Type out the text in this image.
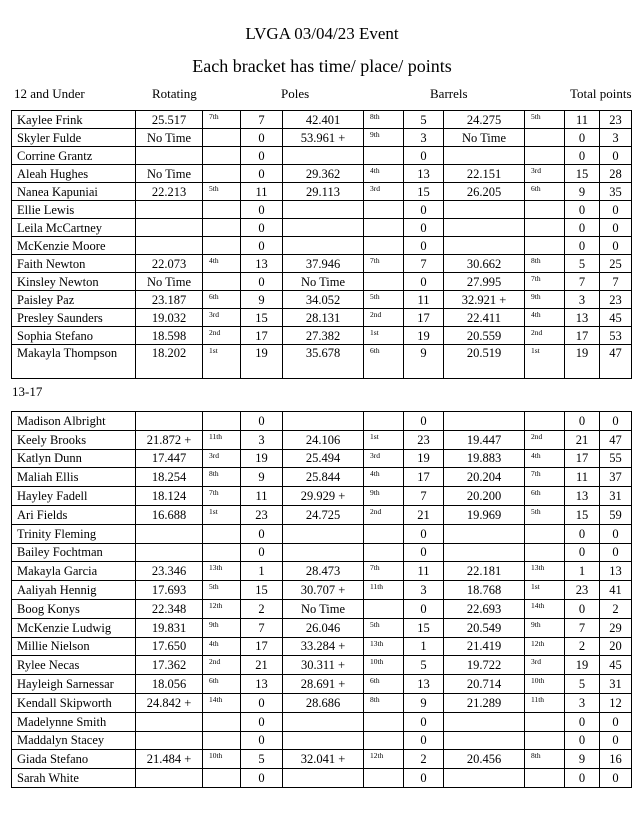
LVGA 03/04/23 Event
Each bracket has time/ place/ points
12 and Under	Rotating	Poles	Barrels	Total points
Kaylee Frink	25.517	7th	7	42.401	8th	5	24.275	5th	11	23
Skyler Fulde	No Time		0	53.961 +	9th	3	No Time		0	3
Corrine Grantz			0			0			0	0
Aleah Hughes	No Time		0	29.362	4th	13	22.151	3rd	15	28
Nanea Kapuniai	22.213	5th	11	29.113	3rd	15	26.205	6th	9	35
Ellie Lewis			0			0			0	0
Leila McCartney			0			0			0	0
McKenzie Moore			0			0			0	0
Faith Newton	22.073	4th	13	37.946	7th	7	30.662	8th	5	25
Kinsley Newton	No Time		0	No Time		0	27.995	7th	7	7
Paisley Paz	23.187	6th	9	34.052	5th	11	32.921 +	9th	3	23
Presley Saunders	19.032	3rd	15	28.131	2nd	17	22.411	4th	13	45
Sophia Stefano	18.598	2nd	17	27.382	1st	19	20.559	2nd	17	53
Makayla Thompson	18.202	1st	19	35.678	6th	9	20.519	1st	19	47
13-17
Madison Albright			0			0			0	0
Keely Brooks	21.872 +	11th	3	24.106	1st	23	19.447	2nd	21	47
Katlyn Dunn	17.447	3rd	19	25.494	3rd	19	19.883	4th	17	55
Maliah Ellis	18.254	8th	9	25.844	4th	17	20.204	7th	11	37
Hayley Fadell	18.124	7th	11	29.929 +	9th	7	20.200	6th	13	31
Ari Fields	16.688	1st	23	24.725	2nd	21	19.969	5th	15	59
Trinity Fleming			0			0			0	0
Bailey Fochtman			0			0			0	0
Makayla Garcia	23.346	13th	1	28.473	7th	11	22.181	13th	1	13
Aaliyah Hennig	17.693	5th	15	30.707 +	11th	3	18.768	1st	23	41
Boog Konys	22.348	12th	2	No Time		0	22.693	14th	0	2
McKenzie Ludwig	19.831	9th	7	26.046	5th	15	20.549	9th	7	29
Millie Nielson	17.650	4th	17	33.284 +	13th	1	21.419	12th	2	20
Rylee Necas	17.362	2nd	21	30.311 +	10th	5	19.722	3rd	19	45
Hayleigh Sarnessar	18.056	6th	13	28.691 +	6th	13	20.714	10th	5	31
Kendall Skipworth	24.842 +	14th	0	28.686	8th	9	21.289	11th	3	12
Madelynne Smith			0			0			0	0
Maddalyn Stacey			0			0			0	0
Giada Stefano	21.484 +	10th	5	32.041 +	12th	2	20.456	8th	9	16
Sarah White			0			0			0	0
